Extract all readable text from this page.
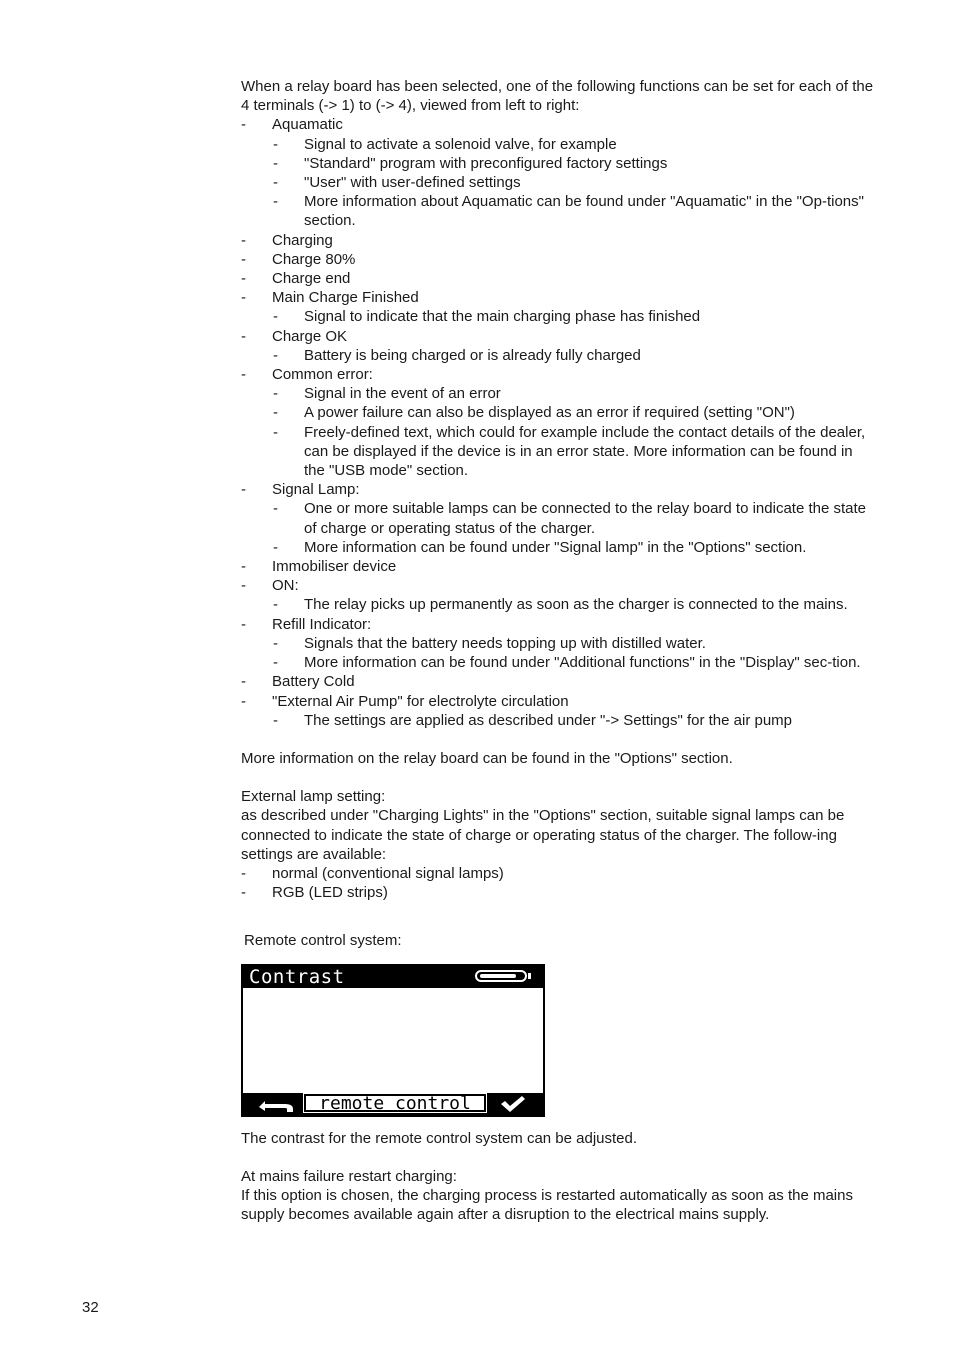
When a relay board has been selected, one of the following functions can be set for each of the 4 terminals (-> 1) to (-> 4), viewed from left to right:

- Aquamatic
- Signal to activate a solenoid valve, for example
- "Standard" program with preconfigured factory settings
- "User" with user-defined settings
- More information about Aquamatic can be found under "Aquamatic" in the "Op-tions" section.
- Charging
- Charge 80%
- Charge end
- Main Charge Finished
- Signal to indicate that the main charging phase has finished
- Charge OK
- Battery is being charged or is already fully charged
- Common error:
- Signal in the event of an error
- A power failure can also be displayed as an error if required (setting "ON")
- Freely-defined text, which could for example include the contact details of the dealer, can be displayed if the device is in an error state. More information can be found in the "USB mode" section.
- Signal Lamp:
- One or more suitable lamps can be connected to the relay board to indicate the state of charge or operating status of the charger.
- More information can be found under "Signal lamp" in the "Options" section.
- Immobiliser device
- ON:
- The relay picks up permanently as soon as the charger is connected to the mains.
- Refill Indicator:
- Signals that the battery needs topping up with distilled water.
- More information can be found under "Additional functions" in the "Display" sec-tion.
- Battery Cold
- "External Air Pump" for electrolyte circulation
- The settings are applied as described under "-> Settings" for the air pump

More information on the relay board can be found in the "Options" section.

External lamp setting:

as described under "Charging Lights" in the "Options" section, suitable signal lamps can be connected to indicate the state of charge or operating status of the charger. The follow-ing settings are available:

- normal (conventional signal lamps)
- RGB (LED strips)

Remote control system:

Contrast
remote control

The contrast for the remote control system can be adjusted.

At mains failure restart charging:

If this option is chosen, the charging process is restarted automatically as soon as the mains supply becomes available again after a disruption to the electrical mains supply.

32
